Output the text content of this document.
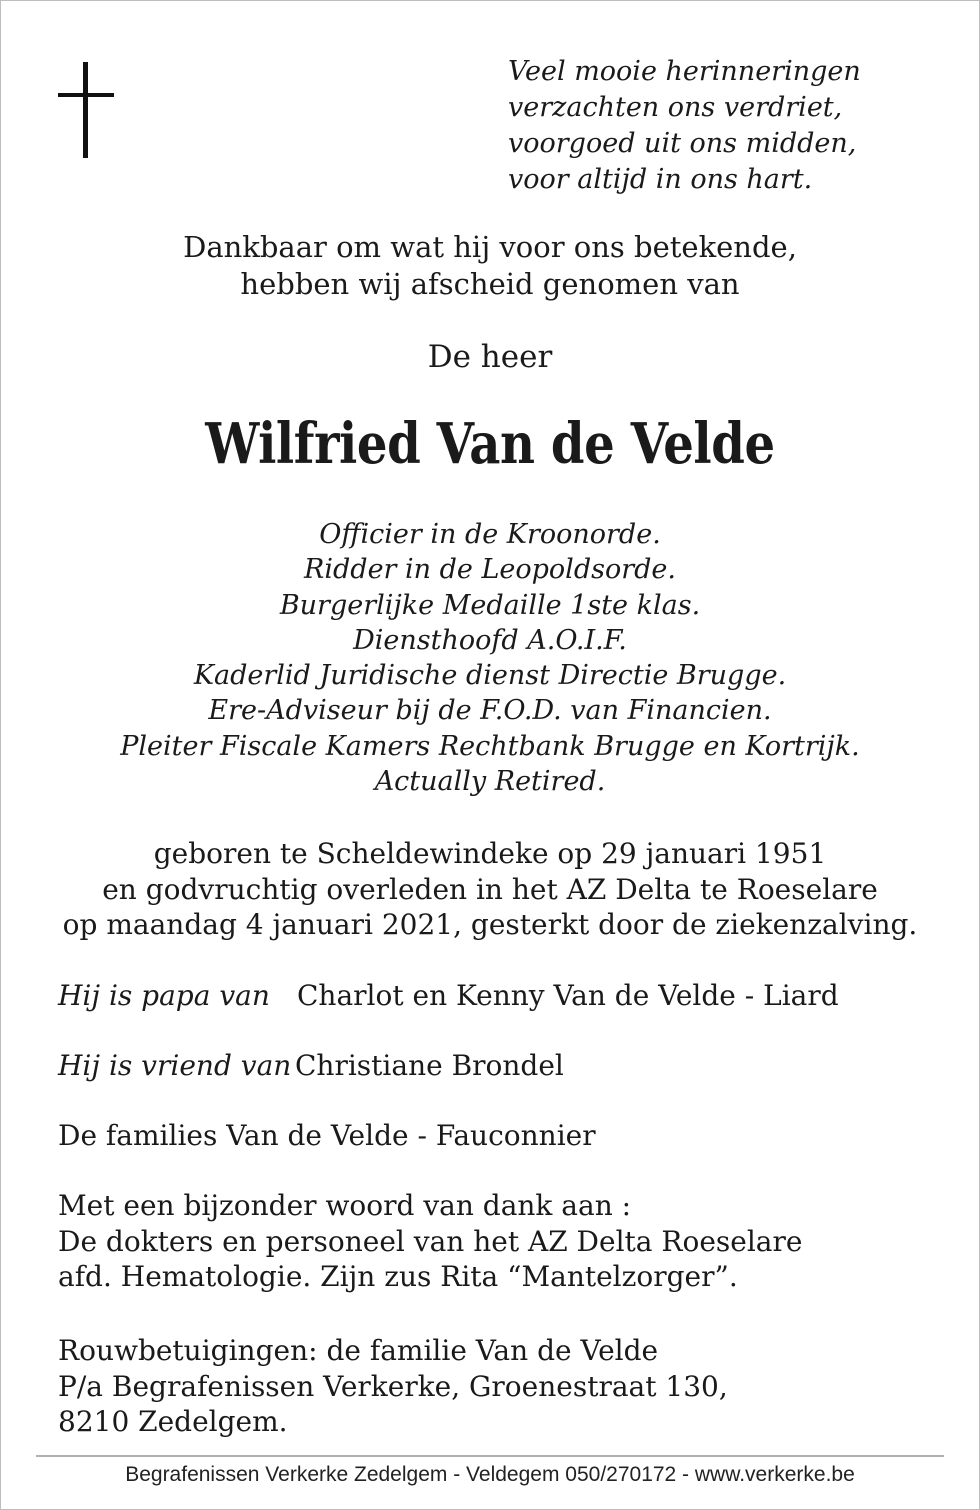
Veel mooie herinneringen
verzachten ons verdriet,
voorgoed uit ons midden,
voor altijd in ons hart.
Dankbaar om wat hij voor ons betekende,
hebben wij afscheid genomen van
De heer
Wilfried Van de Velde
Officier in de Kroonorde.
Ridder in de Leopoldsorde.
Burgerlijke Medaille 1ste klas.
Diensthoofd A.O.I.F.
Kaderlid Juridische dienst Directie Brugge.
Ere-Adviseur bij de F.O.D. van Financien.
Pleiter Fiscale Kamers Rechtbank Brugge en Kortrijk.
Actually Retired.
geboren te Scheldewindeke op 29 januari 1951
en godvruchtig overleden in het AZ Delta te Roeselare
op maandag 4 januari 2021, gesterkt door de ziekenzalving.
Hij is papa van Charlot en Kenny Van de Velde - Liard
Hij is vriend van Christiane Brondel
De families Van de Velde - Fauconnier
Met een bijzonder woord van dank aan :
De dokters en personeel van het AZ Delta Roeselare
afd. Hematologie. Zijn zus Rita “Mantelzorger”.
Rouwbetuigingen: de familie Van de Velde
P/a Begrafenissen Verkerke, Groenestraat 130,
8210 Zedelgem.
Begrafenissen Verkerke Zedelgem - Veldegem 050/270172 - www.verkerke.be
